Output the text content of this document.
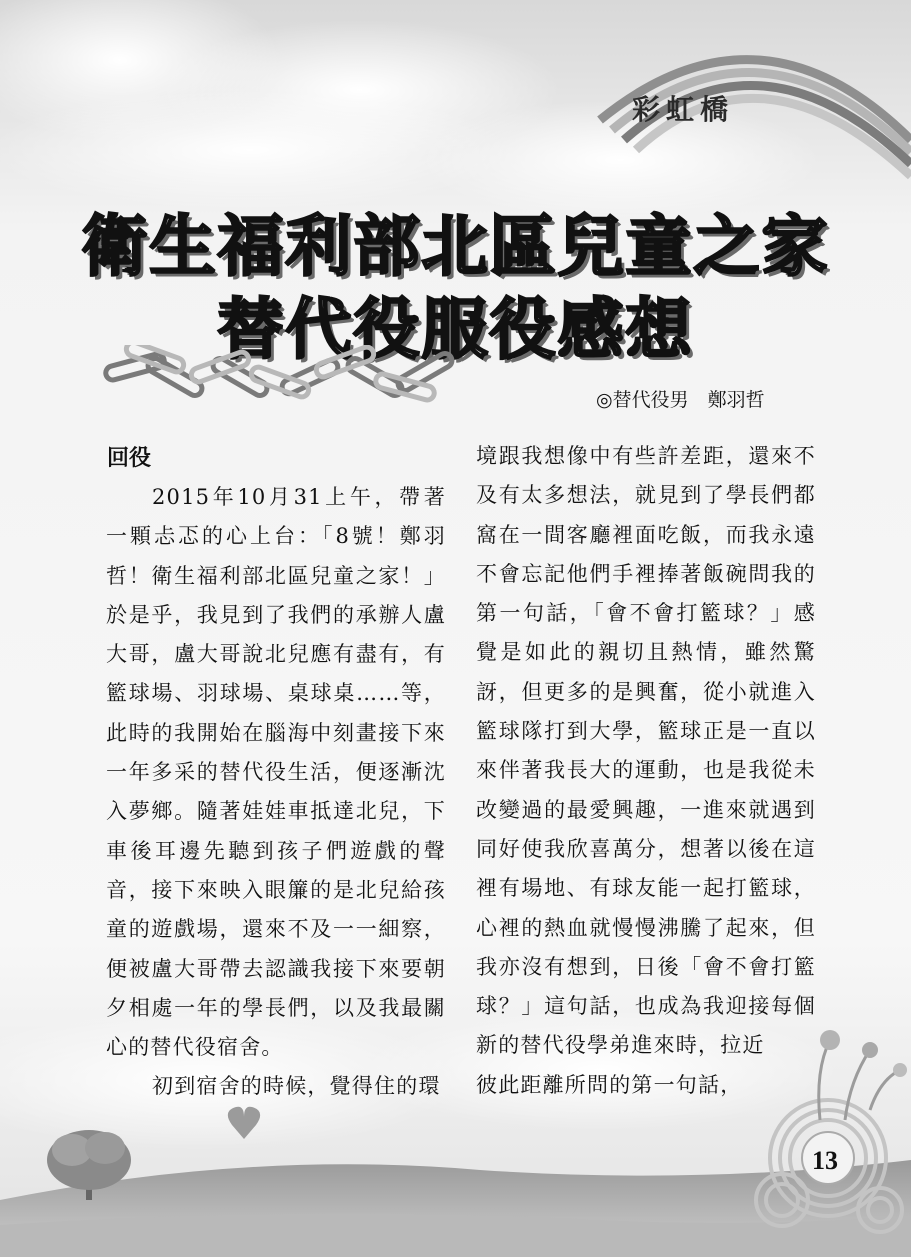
彩虹橋
衛生福利部北區兒童之家
替代役服役感想
◎替代役男　鄭羽哲
回役

2015年10月31上午，帶著一顆忐忑的心上台：「8號！鄭羽哲！衛生福利部北區兒童之家！」於是乎，我見到了我們的承辦人盧大哥，盧大哥說北兒應有盡有，有籃球場、羽球場、桌球桌……等，此時的我開始在腦海中刻畫接下來一年多采的替代役生活，便逐漸沈入夢鄉。隨著娃娃車抵達北兒，下車後耳邊先聽到孩子們遊戲的聲音，接下來映入眼簾的是北兒給孩童的遊戲場，還來不及一一細察，便被盧大哥帶去認識我接下來要朝夕相處一年的學長們，以及我最關心的替代役宿舍。

初到宿舍的時候，覺得住的環

境跟我想像中有些許差距，還來不及有太多想法，就見到了學長們都窩在一間客廳裡面吃飯，而我永遠不會忘記他們手裡捧著飯碗問我的第一句話，「會不會打籃球？」感覺是如此的親切且熱情，雖然驚訝，但更多的是興奮，從小就進入籃球隊打到大學，籃球正是一直以來伴著我長大的運動，也是我從未改變過的最愛興趣，一進來就遇到同好使我欣喜萬分，想著以後在這裡有場地、有球友能一起打籃球，心裡的熱血就慢慢沸騰了起來，但我亦沒有想到，日後「會不會打籃球？」這句話，也成為我迎接每個新的替代役學弟進來時，拉近

彼此距離所問的第一句話，

13
